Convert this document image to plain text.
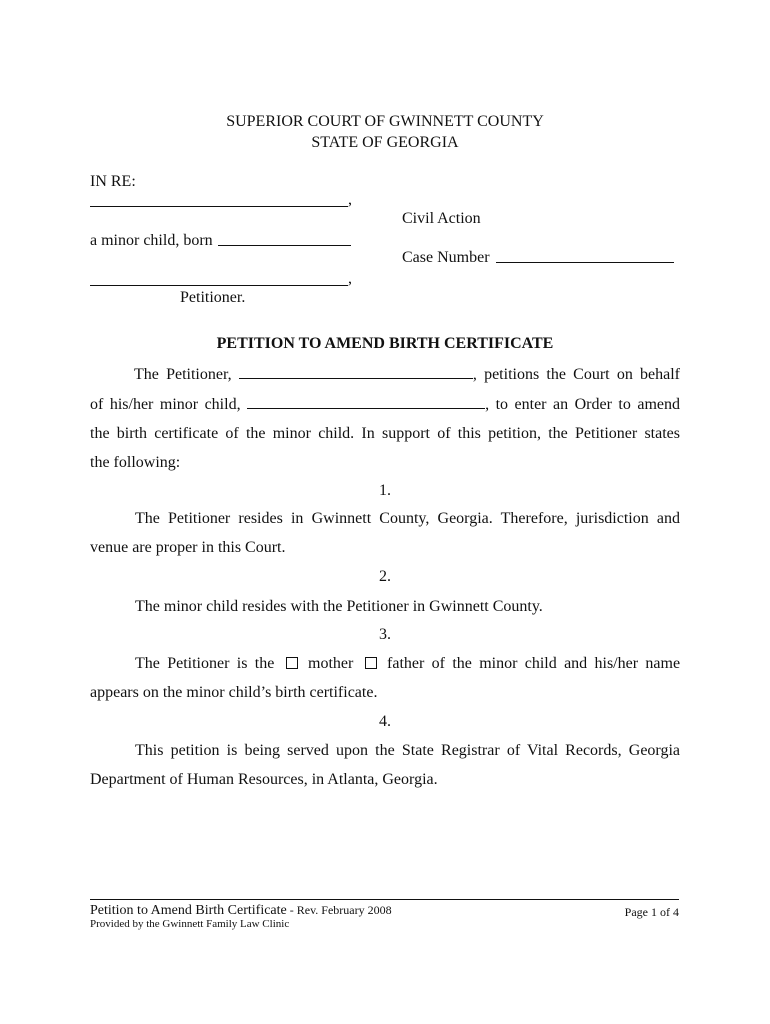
SUPERIOR COURT OF GWINNETT COUNTY
STATE OF GEORGIA
IN RE:
,
a minor child, born
,
Petitioner.
Civil Action
Case Number
PETITION TO AMEND BIRTH CERTIFICATE
The Petitioner,	, petitions the Court on behalf
of his/her minor child,	, to enter an Order to amend
the birth certificate of the minor child. In support of this petition, the Petitioner states
the following:
1.
The Petitioner resides in Gwinnett County, Georgia. Therefore, jurisdiction and
venue are proper in this Court.
2.
The minor child resides with the Petitioner in Gwinnett County.
3.
The Petitioner is the mother father of the minor child and his/her name
appears on the minor child’s birth certificate.
4.
This petition is being served upon the State Registrar of Vital Records, Georgia
Department of Human Resources, in Atlanta, Georgia.
Petition to Amend Birth Certificate - Rev. February 2008	Page 1 of 4
Provided by the Gwinnett Family Law Clinic
